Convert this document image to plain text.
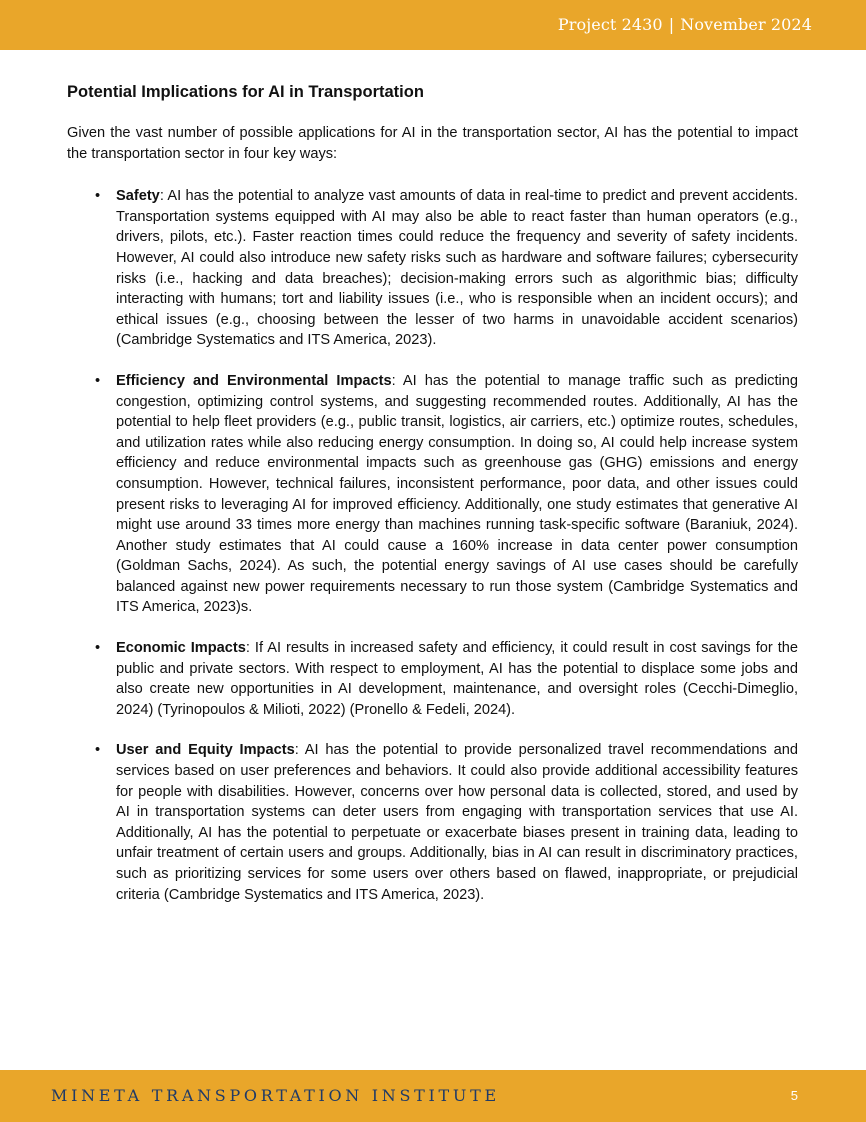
Project 2430 | November 2024
Potential Implications for AI in Transportation

Given the vast number of possible applications for AI in the transportation sector, AI has the potential to impact the transportation sector in four key ways:

• Safety: AI has the potential to analyze vast amounts of data in real-time to predict and prevent accidents. Transportation systems equipped with AI may also be able to react faster than human operators (e.g., drivers, pilots, etc.). Faster reaction times could reduce the frequency and severity of safety incidents. However, AI could also introduce new safety risks such as hardware and software failures; cybersecurity risks (i.e., hacking and data breaches); decision-making errors such as algorithmic bias; difficulty interacting with humans; tort and liability issues (i.e., who is responsible when an incident occurs); and ethical issues (e.g., choosing between the lesser of two harms in unavoidable accident scenarios) (Cambridge Systematics and ITS America, 2023).
• Efficiency and Environmental Impacts: AI has the potential to manage traffic such as predicting congestion, optimizing control systems, and suggesting recommended routes. Additionally, AI has the potential to help fleet providers (e.g., public transit, logistics, air carriers, etc.) optimize routes, schedules, and utilization rates while also reducing energy consumption. In doing so, AI could help increase system efficiency and reduce environmental impacts such as greenhouse gas (GHG) emissions and energy consumption. However, technical failures, inconsistent performance, poor data, and other issues could present risks to leveraging AI for improved efficiency. Additionally, one study estimates that generative AI might use around 33 times more energy than machines running task-specific software (Baraniuk, 2024). Another study estimates that AI could cause a 160% increase in data center power consumption (Goldman Sachs, 2024). As such, the potential energy savings of AI use cases should be carefully balanced against new power requirements necessary to run those system (Cambridge Systematics and ITS America, 2023)s.
• Economic Impacts: If AI results in increased safety and efficiency, it could result in cost savings for the public and private sectors. With respect to employment, AI has the potential to displace some jobs and also create new opportunities in AI development, maintenance, and oversight roles (Cecchi-Dimeglio, 2024) (Tyrinopoulos & Milioti, 2022) (Pronello & Fedeli, 2024).
• User and Equity Impacts: AI has the potential to provide personalized travel recommendations and services based on user preferences and behaviors. It could also provide additional accessibility features for people with disabilities. However, concerns over how personal data is collected, stored, and used by AI in transportation systems can deter users from engaging with transportation services that use AI. Additionally, AI has the potential to perpetuate or exacerbate biases present in training data, leading to unfair treatment of certain users and groups. Additionally, bias in AI can result in discriminatory practices, such as prioritizing services for some users over others based on flawed, inappropriate, or prejudicial criteria (Cambridge Systematics and ITS America, 2023).
MINETA TRANSPORTATION INSTITUTE	5
